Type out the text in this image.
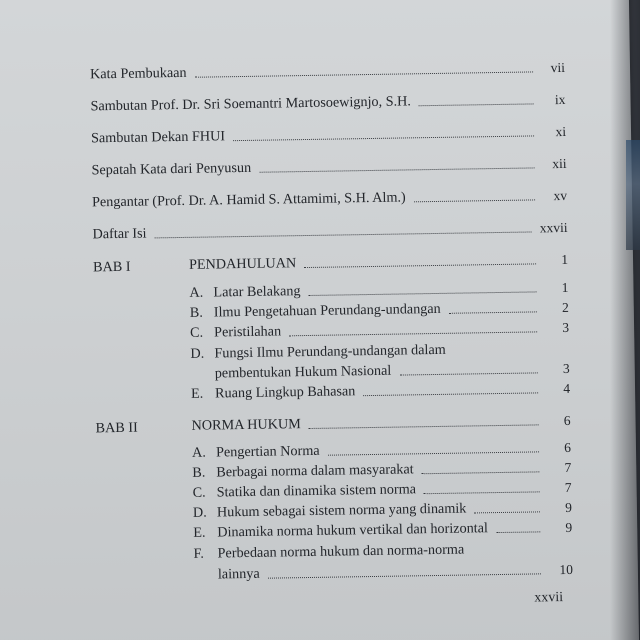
Kata Pembukaan	vii
Sambutan Prof. Dr. Sri Soemantri Martosoewignjo, S.H.	ix
Sambutan Dekan FHUI	xi
Sepatah Kata dari Penyusun	xii
Pengantar (Prof. Dr. A. Hamid S. Attamimi, S.H. Alm.)	xv
Daftar Isi	xxvii
BAB I	PENDAHULUAN	1
A. Latar Belakang	1
B. Ilmu Pengetahuan Perundang-undangan	2
C. Peristilahan	3
D. Fungsi Ilmu Perundang-undangan dalam
pembentukan Hukum Nasional	3
E. Ruang Lingkup Bahasan	4
BAB II	NORMA HUKUM	6
A. Pengertian Norma	6
B. Berbagai norma dalam masyarakat	7
C. Statika dan dinamika sistem norma	7
D. Hukum sebagai sistem norma yang dinamik	9
E. Dinamika norma hukum vertikal dan horizontal	9
F. Perbedaan norma hukum dan norma-norma
lainnya	10
xxvii
